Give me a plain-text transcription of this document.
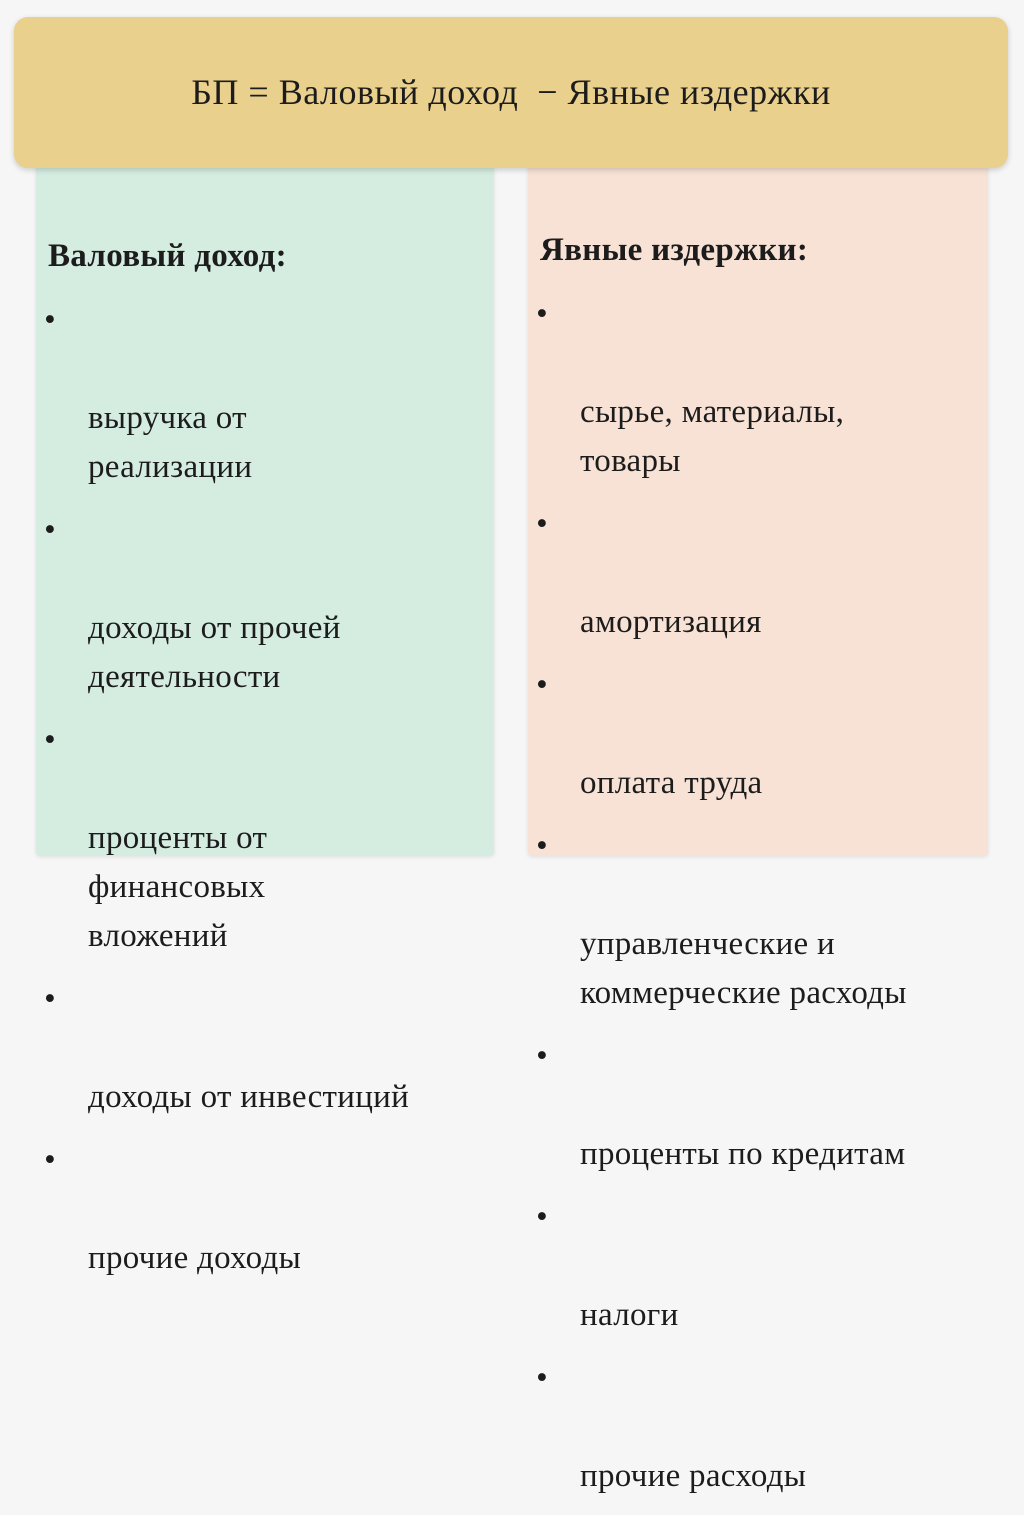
БП = Валовый доход  − Явные издержки
Валовый доход:	Явные издержки:

•

выручка от
реализации

•

доходы от прочей
деятельности

•

проценты от
финансовых
вложений

•

доходы от инвестиций

•

прочие доходы

•

сырье, материалы,
товары

•

амортизация

•

оплата труда

•

управленческие и
коммерческие расходы

•

проценты по кредитам

•

налоги

•

прочие расходы
